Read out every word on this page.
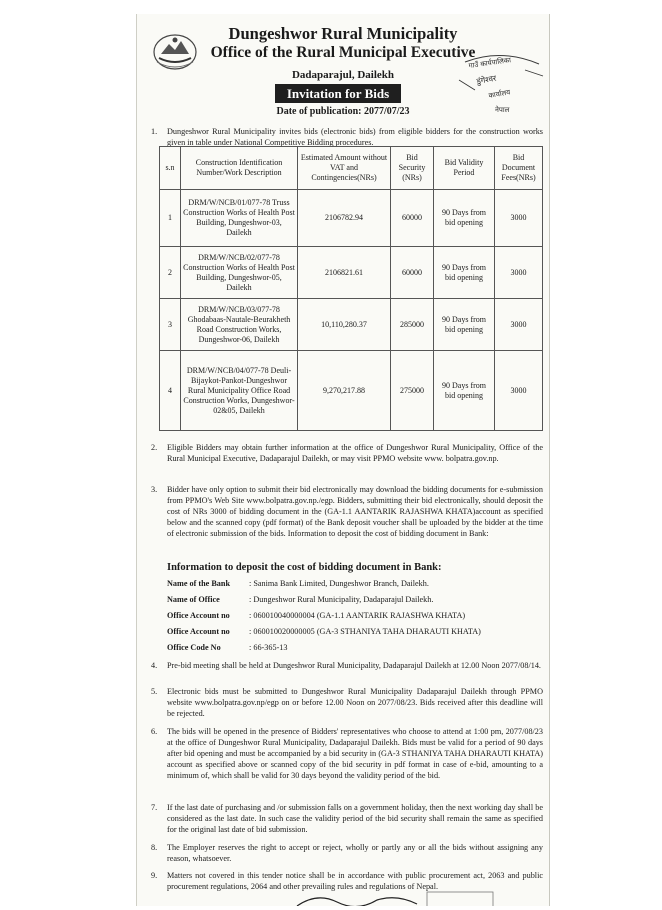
Dungeshwor Rural Municipality
Office of the Rural Municipal Executive
Dadaparajul, Dailekh
Invitation for Bids
Date of publication: 2077/07/23
गाउँ कार्यपालिका
डुंगेश्वर
कार्यालय
नेपाल
1.	Dungeshwor Rural Municipality invites bids (electronic bids) from eligible bidders for the construction works given in table under National Competitive Bidding procedures.
s.n	Construction Identification Number/Work Description	Estimated Amount without VAT and Contingencies(NRs)	Bid Security (NRs)	Bid Validity Period	Bid Document Fees(NRs)
1	DRM/W/NCB/01/077-78 Truss Construction Works of Health Post Building, Dungeshwor-03, Dailekh	2106782.94	60000	90 Days from bid opening	3000
2	DRM/W/NCB/02/077-78 Construction Works of Health Post Building, Dungeshwor-05, Dailekh	2106821.61	60000	90 Days from bid opening	3000
3	DRM/W/NCB/03/077-78 Ghodabaas-Nautale-Beurakheth Road Construction Works, Dungeshwor-06, Dailekh	10,110,280.37	285000	90 Days from bid opening	3000
4	DRM/W/NCB/04/077-78 Deuli-Bijaykot-Pankot-Dungeshwor Rural Municipality Office Road Construction Works, Dungeshwor-02&05, Dailekh	9,270,217.88	275000	90 Days from bid opening	3000
2.	Eligible Bidders may obtain further information at the office of Dungeshwor Rural Municipality, Office of the Rural Municipal Executive, Dadaparajul Dailekh, or may visit PPMO website www. bolpatra.gov.np.
3.	Bidder have only option to submit their bid electronically may download the bidding documents for e-submission from PPMO's Web Site www.bolpatra.gov.np./egp. Bidders, submitting their bid electronically, should deposit the cost of NRs 3000 of bidding document in the (GA-1.1 AANTARIK RAJASHWA KHATA)account as specified below and the scanned copy (pdf format) of the Bank deposit voucher shall be uploaded by the bidder at the time of electronic submission of the bids. Information to deposit the cost of bidding document in Bank:
Information to deposit the cost of bidding document in Bank:
Name of the Bank : Sanima Bank Limited, Dungeshwor Branch, Dailekh.
Name of Office	: Dungeshwor Rural Municipality, Dadaparajul Dailekh.
Office Account no : 060010040000004 (GA-1.1 AANTARIK RAJASHWA KHATA)
Office Account no : 060010020000005 (GA-3 STHANIYA TAHA DHARAUTI KHATA)
Office Code No	: 66-365-13
4.	Pre-bid meeting shall be held at Dungeshwor Rural Municipality, Dadaparajul Dailekh at 12.00 Noon 2077/08/14.
5.	Electronic bids must be submitted to Dungeshwor Rural Municipality Dadaparajul Dailekh through PPMO website www.bolpatra.gov.np/egp on or before 12.00 Noon on 2077/08/23. Bids received after this deadline will be rejected.
6.	The bids will be opened in the presence of Bidders' representatives who choose to attend at 1:00 pm, 2077/08/23 at the office of Dungeshwor Rural Municipality, Dadaparajul Dailekh. Bids must be valid for a period of 90 days after bid opening and must be accompanied by a bid security in (GA-3 STHANIYA TAHA DHARAUTI KHATA) account as specified above or scanned copy of the bid security in pdf format in case of e-bid, amounting to a minimum of, which shall be valid for 30 days beyond the validity period of the bid.
7.	If the last date of purchasing and /or submission falls on a government holiday, then the next working day shall be considered as the last date. In such case the validity period of the bid security shall remain the same as specified for the original last date of bid submission.
8.	The Employer reserves the right to accept or reject, wholly or partly any or all the bids without assigning any reason, whatsoever.
9.	Matters not covered in this tender notice shall be in accordance with public procurement act, 2063 and public procurement regulations, 2064 and other prevailing rules and regulations of Nepal.
